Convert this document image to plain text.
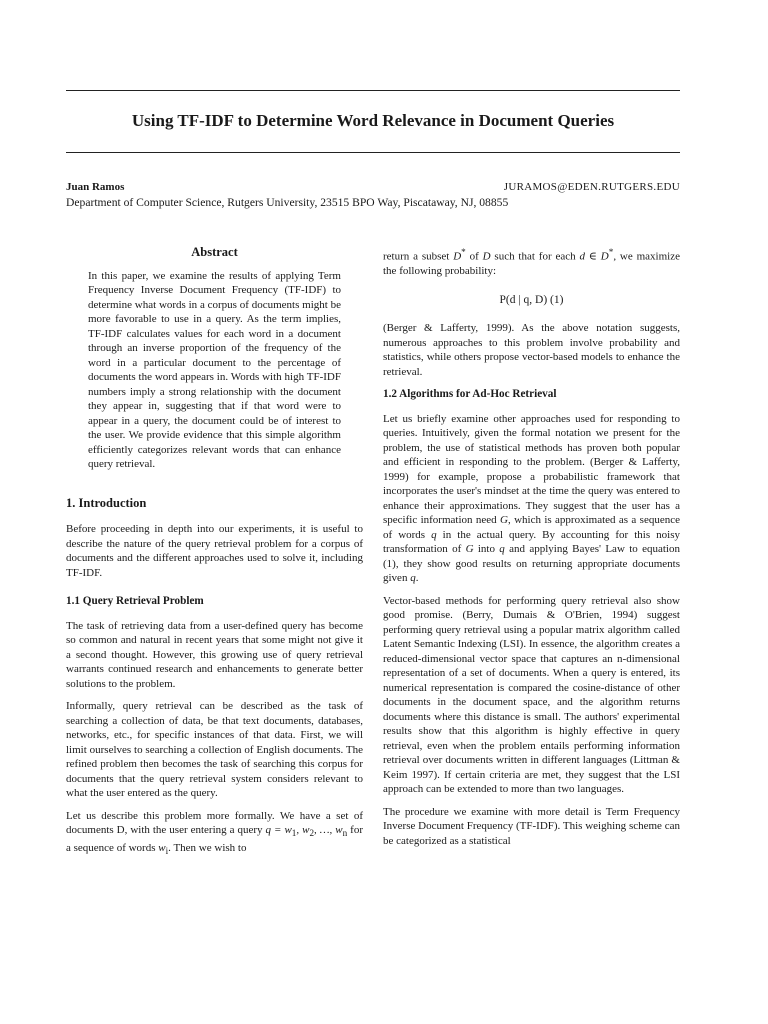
Using TF-IDF to Determine Word Relevance in Document Queries
Juan Ramos	JURAMOS@EDEN.RUTGERS.EDU
Department of Computer Science, Rutgers University, 23515 BPO Way, Piscataway, NJ, 08855
Abstract

In this paper, we examine the results of applying Term Frequency Inverse Document Frequency (TF-IDF) to determine what words in a corpus of documents might be more favorable to use in a query. As the term implies, TF-IDF calculates values for each word in a document through an inverse proportion of the frequency of the word in a particular document to the percentage of documents the word appears in. Words with high TF-IDF numbers imply a strong relationship with the document they appear in, suggesting that if that word were to appear in a query, the document could be of interest to the user. We provide evidence that this simple algorithm efficiently categorizes relevant words that can enhance query retrieval.

1. Introduction

Before proceeding in depth into our experiments, it is useful to describe the nature of the query retrieval problem for a corpus of documents and the different approaches used to solve it, including TF-IDF.

1.1 Query Retrieval Problem

The task of retrieving data from a user-defined query has become so common and natural in recent years that some might not give it a second thought. However, this growing use of query retrieval warrants continued research and enhancements to generate better solutions to the problem.

Informally, query retrieval can be described as the task of searching a collection of data, be that text documents, databases, networks, etc., for specific instances of that data. First, we will limit ourselves to searching a collection of English documents. The refined problem then becomes the task of searching this corpus for documents that the query retrieval system considers relevant to what the user entered as the query.

Let us describe this problem more formally. We have a set of documents D, with the user entering a query $q = w_1$, $w_2$, …, $w_n$ for a sequence of words $w_i$. Then we wish to

return a subset D* of D such that for each d ∈ D*, we maximize the following probability:

P(d | q, D) (1)

(Berger & Lafferty, 1999). As the above notation suggests, numerous approaches to this problem involve probability and statistics, while others propose vector-based models to enhance the retrieval.

1.2 Algorithms for Ad-Hoc Retrieval

Let us briefly examine other approaches used for responding to queries. Intuitively, given the formal notation we present for the problem, the use of statistical methods has proven both popular and efficient in responding to the problem. (Berger & Lafferty, 1999) for example, propose a probabilistic framework that incorporates the user's mindset at the time the query was entered to enhance their approximations. They suggest that the user has a specific information need G, which is approximated as a sequence of words q in the actual query. By accounting for this noisy transformation of G into q and applying Bayes' Law to equation (1), they show good results on returning appropriate documents given q.

Vector-based methods for performing query retrieval also show good promise. (Berry, Dumais & O'Brien, 1994) suggest performing query retrieval using a popular matrix algorithm called Latent Semantic Indexing (LSI). In essence, the algorithm creates a reduced-dimensional vector space that captures an n-dimensional representation of a set of documents. When a query is entered, its numerical representation is compared the cosine-distance of other documents in the document space, and the algorithm returns documents where this distance is small. The authors' experimental results show that this algorithm is highly effective in query retrieval, even when the problem entails performing information retrieval over documents written in different languages (Littman & Keim 1997). If certain criteria are met, they suggest that the LSI approach can be extended to more than two languages.

The procedure we examine with more detail is Term Frequency Inverse Document Frequency (TF-IDF). This weighing scheme can be categorized as a statistical
